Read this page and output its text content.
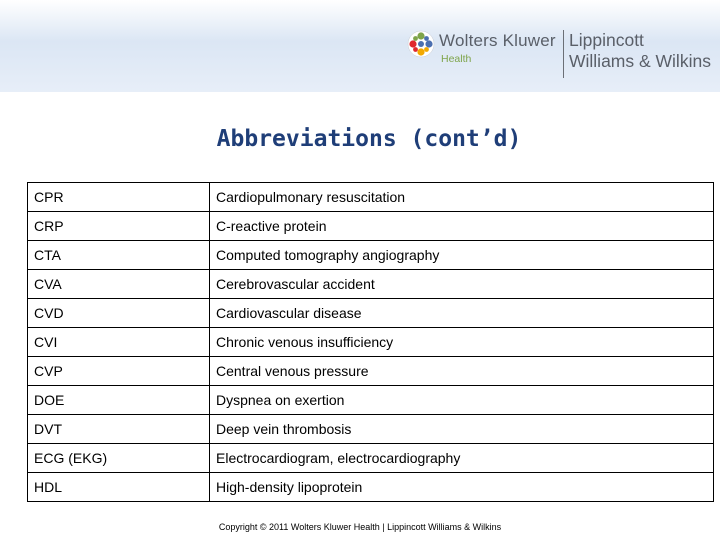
Wolters Kluwer
Health
Lippincott
Williams & Wilkins
Abbreviations (cont’d)
CPR	Cardiopulmonary resuscitation
CRP	C-reactive protein
CTA	Computed tomography angiography
CVA	Cerebrovascular accident
CVD	Cardiovascular disease
CVI	Chronic venous insufficiency
CVP	Central venous pressure
DOE	Dyspnea on exertion
DVT	Deep vein thrombosis
ECG (EKG)	Electrocardiogram, electrocardiography
HDL	High-density lipoprotein
Copyright © 2011 Wolters Kluwer Health | Lippincott Williams & Wilkins
